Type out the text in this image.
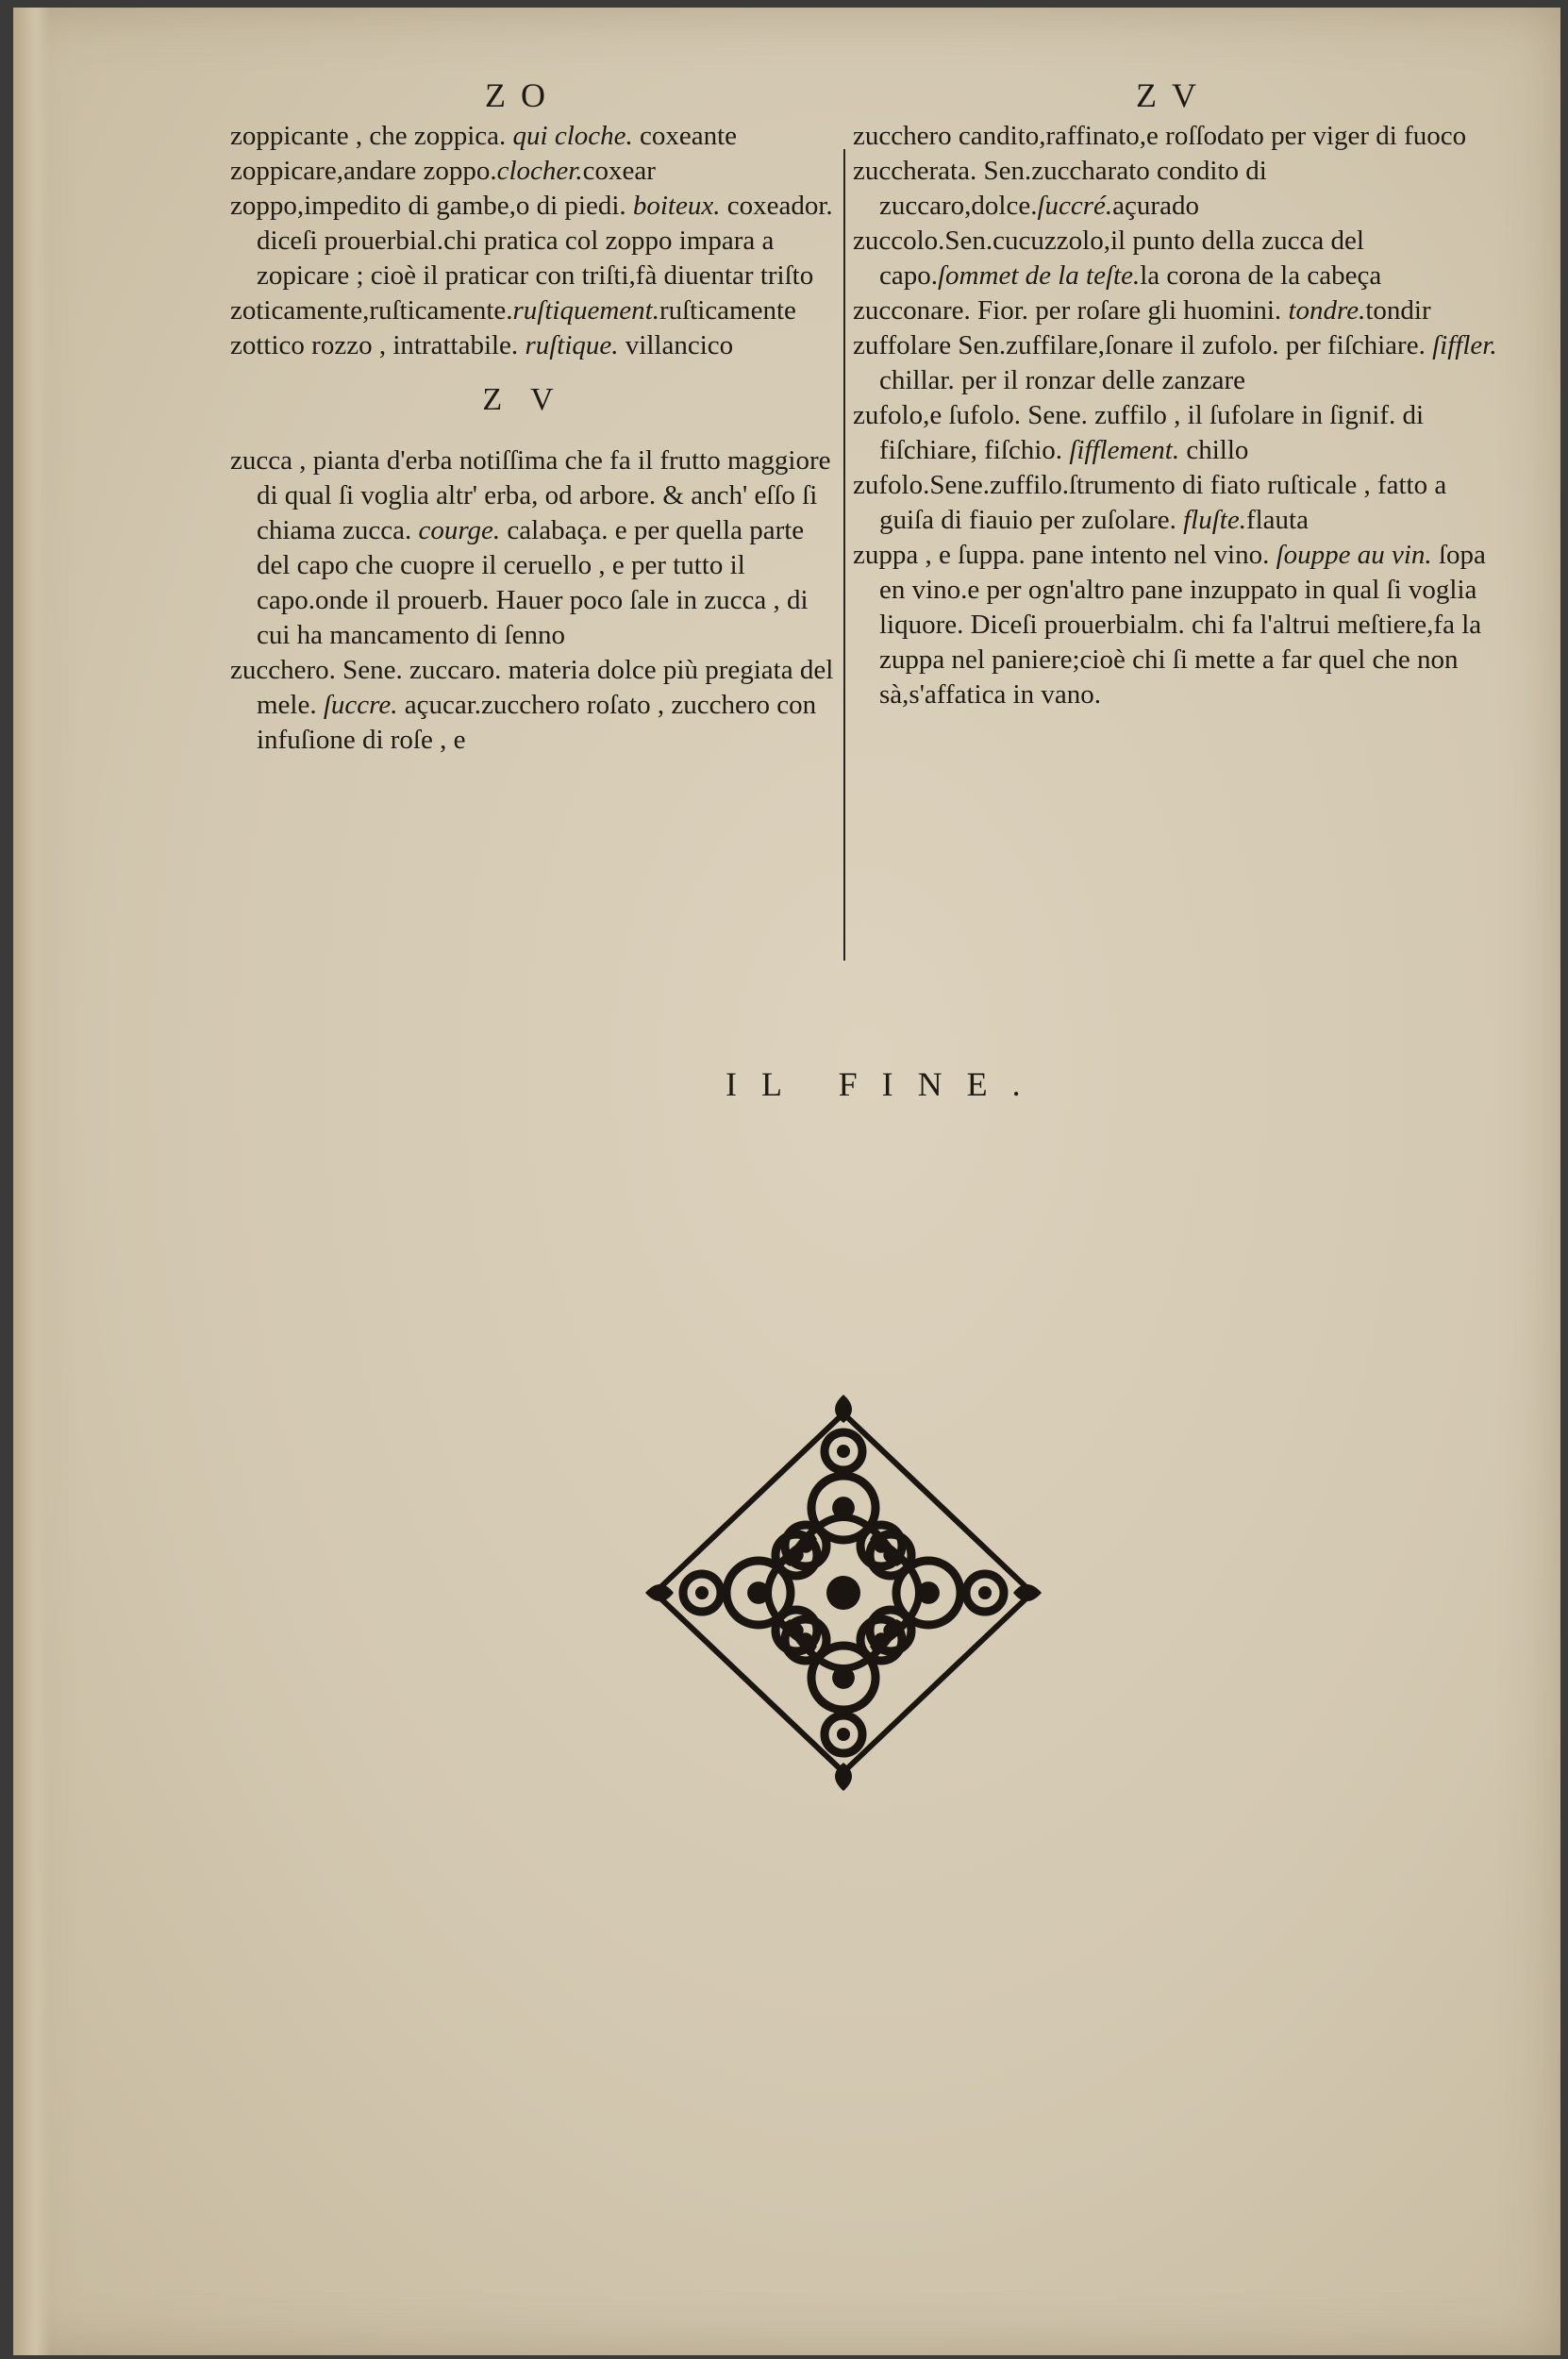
ZO	ZV

zoppicante , che zoppica. qui cloche. coxeante

zoppicare,andare zoppo.clocher.coxear

zoppo,impedito di gambe,o di piedi. boiteux. coxeador. diceſi prouerbial.chi pratica col zoppo impara a zopicare ; cioè il praticar con triſti,fà diuentar triſto

zoticamente,ruſticamente.ruſtiquement.ruſticamente

zottico rozzo , intrattabile. ruſtique. villancico

ZV

zucca , pianta d'erba notiſſima che fa il frutto maggiore di qual ſi voglia altr' erba, od arbore. & anch' eſſo ſi chiama zucca. courge. calabaça. e per quella parte del capo che cuopre il ceruello , e per tutto il capo.onde il prouerb. Hauer poco ſale in zucca , di cui ha mancamento di ſenno

zucchero. Sene. zuccaro. materia dolce più pregiata del mele. ſuccre. açucar.zucchero roſato , zucchero con infuſione di roſe , e

zucchero candito,raffinato,e roſſodato per viger di fuoco

zuccherata. Sen.zuccharato condito di zuccaro,dolce.ſuccré.açurado

zuccolo.Sen.cucuzzolo,il punto della zucca del capo.ſommet de la teſte.la corona de la cabeça

zucconare. Fior. per roſare gli huomini. tondre.tondir

zuffolare Sen.zuffilare,ſonare il zufolo. per fiſchiare. ſiffler. chillar. per il ronzar delle zanzare

zufolo,e ſufolo. Sene. zuffilo , il ſufolare in ſignif. di fiſchiare, fiſchio. ſifflement. chillo

zufolo.Sene.zuffilo.ſtrumento di fiato ruſticale , fatto a guiſa di fiauio per zuſolare. fluſte.flauta

zuppa , e ſuppa. pane intento nel vino. ſouppe au vin. ſopa en vino.e per ogn'altro pane inzuppato in qual ſi voglia liquore. Diceſi prouerbialm. chi fa l'altrui meſtiere,fa la zuppa nel paniere;cioè chi ſi mette a far quel che non sà,s'affatica in vano.

IL FINE.
